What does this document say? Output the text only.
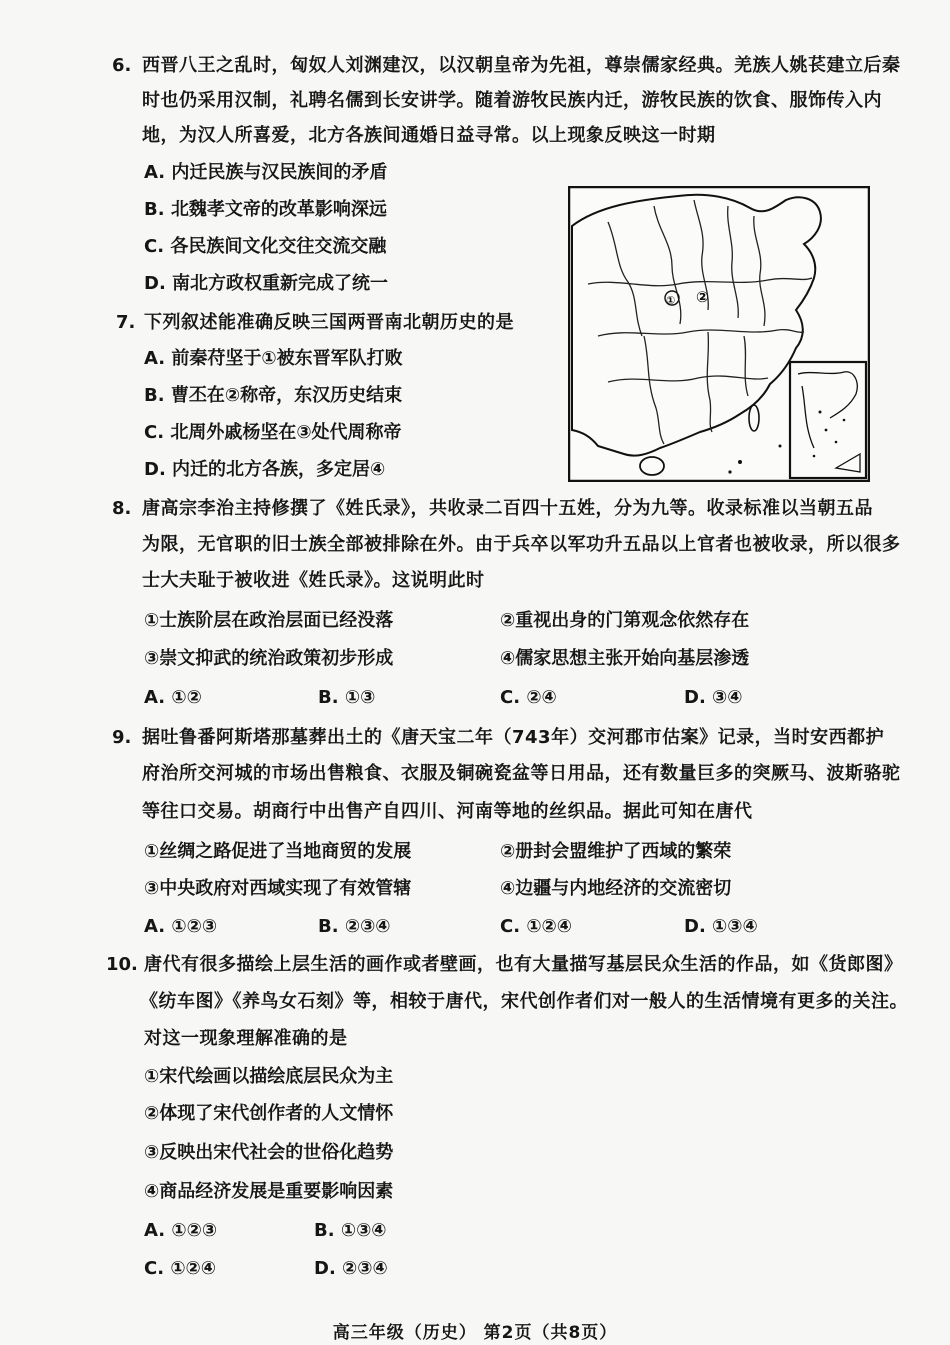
6. 西晋八王之乱时，匈奴人刘渊建汉，以汉朝皇帝为先祖，尊崇儒家经典。羌族人姚苌建立后秦
时也仍采用汉制，礼聘名儒到长安讲学。随着游牧民族内迁，游牧民族的饮食、服饰传入内
地，为汉人所喜爱，北方各族间通婚日益寻常。以上现象反映这一时期
A. 内迁民族与汉民族间的矛盾
B. 北魏孝文帝的改革影响深远
C. 各民族间文化交往交流交融
D. 南北方政权重新完成了统一
7. 下列叙述能准确反映三国两晋南北朝历史的是
A. 前秦苻坚于①被东晋军队打败
B. 曹丕在②称帝，东汉历史结束
C. 北周外戚杨坚在③处代周称帝
D. 内迁的北方各族，多定居④
① ②
8. 唐高宗李治主持修撰了《姓氏录》，共收录二百四十五姓，分为九等。收录标准以当朝五品
为限，无官职的旧士族全部被排除在外。由于兵卒以军功升五品以上官者也被收录，所以很多
士大夫耻于被收进《姓氏录》。这说明此时
①士族阶层在政治层面已经没落	②重视出身的门第观念依然存在
③崇文抑武的统治政策初步形成	④儒家思想主张开始向基层渗透
A. ①②	B. ①③	C. ②④	D. ③④
9. 据吐鲁番阿斯塔那墓葬出土的《唐天宝二年（743年）交河郡市估案》记录，当时安西都护
府治所交河城的市场出售粮食、衣服及铜碗瓷盆等日用品，还有数量巨多的突厥马、波斯骆驼
等往口交易。胡商行中出售产自四川、河南等地的丝织品。据此可知在唐代
①丝绸之路促进了当地商贸的发展	②册封会盟维护了西域的繁荣
③中央政府对西域实现了有效管辖	④边疆与内地经济的交流密切
A. ①②③	B. ②③④	C. ①②④	D. ①③④
10. 唐代有很多描绘上层生活的画作或者壁画，也有大量描写基层民众生活的作品，如《货郎图》
《纺车图》《养鸟女石刻》等，相较于唐代，宋代创作者们对一般人的生活情境有更多的关注。
对这一现象理解准确的是
①宋代绘画以描绘底层民众为主
②体现了宋代创作者的人文情怀
③反映出宋代社会的世俗化趋势
④商品经济发展是重要影响因素
A. ①②③	B. ①③④
C. ①②④	D. ②③④
高三年级（历史） 第2页（共8页）
